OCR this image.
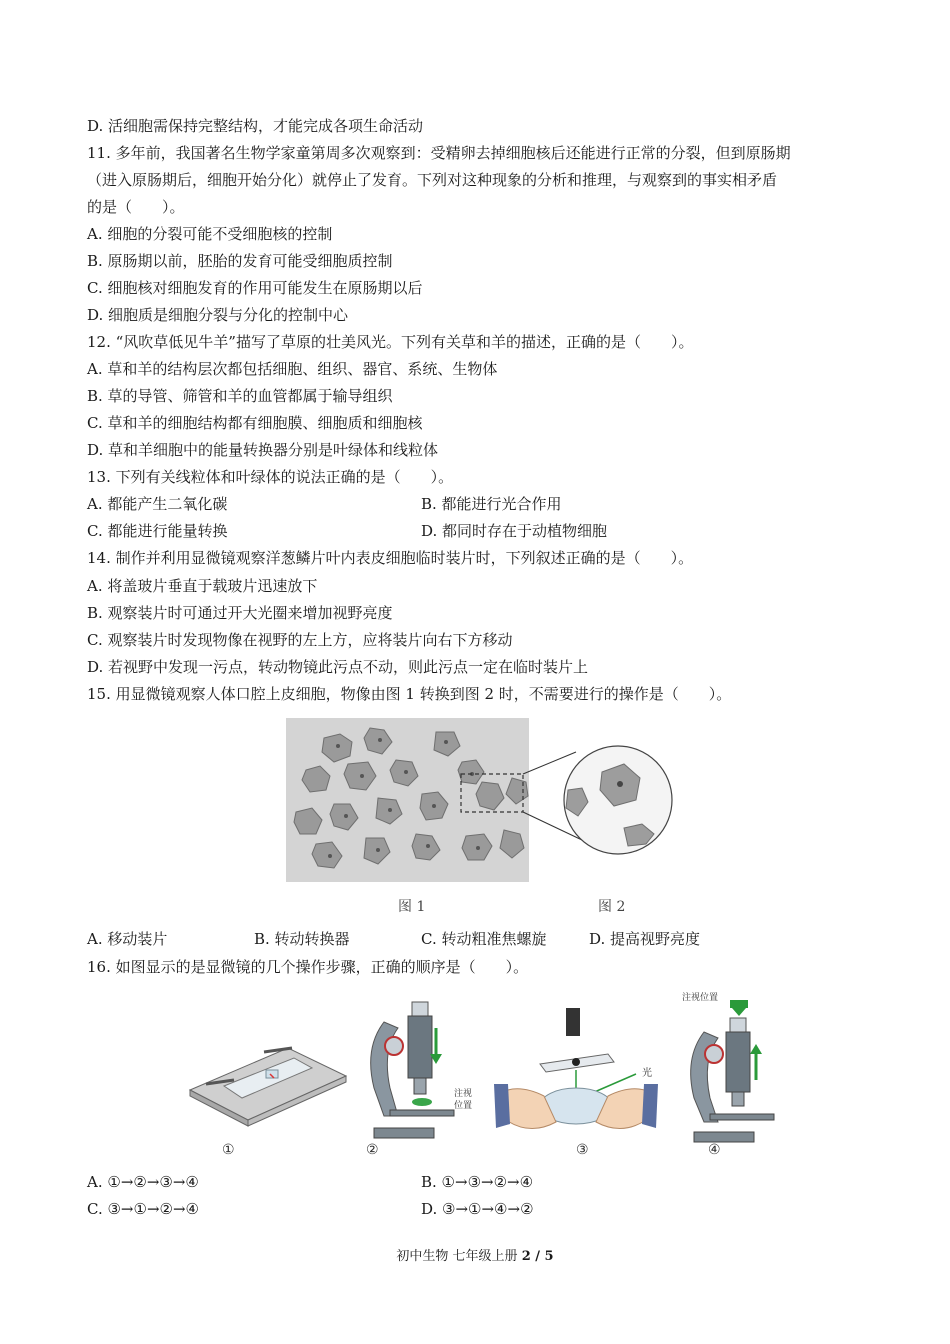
D. 活细胞需保持完整结构，才能完成各项生命活动
11. 多年前，我国著名生物学家童第周多次观察到：受精卵去掉细胞核后还能进行正常的分裂，但到原肠期
（进入原肠期后，细胞开始分化）就停止了发育。下列对这种现象的分析和推理，与观察到的事实相矛盾
的是（　　）。
A. 细胞的分裂可能不受细胞核的控制
B. 原肠期以前，胚胎的发育可能受细胞质控制
C. 细胞核对细胞发育的作用可能发生在原肠期以后
D. 细胞质是细胞分裂与分化的控制中心
12. “风吹草低见牛羊”描写了草原的壮美风光。下列有关草和羊的描述，正确的是（　　）。
A. 草和羊的结构层次都包括细胞、组织、器官、系统、生物体
B. 草的导管、筛管和羊的血管都属于输导组织
C. 草和羊的细胞结构都有细胞膜、细胞质和细胞核
D. 草和羊细胞中的能量转换器分别是叶绿体和线粒体
13. 下列有关线粒体和叶绿体的说法正确的是（　　）。
A. 都能产生二氧化碳	B. 都能进行光合作用
C. 都能进行能量转换	D. 都同时存在于动植物细胞
14. 制作并利用显微镜观察洋葱鳞片叶内表皮细胞临时装片时，下列叙述正确的是（　　）。
A. 将盖玻片垂直于载玻片迅速放下
B. 观察装片时可通过开大光圈来增加视野亮度
C. 观察装片时发现物像在视野的左上方，应将装片向右下方移动
D. 若视野中发现一污点，转动物镜此污点不动，则此污点一定在临时装片上
15. 用显微镜观察人体口腔上皮细胞，物像由图 1 转换到图 2 时，不需要进行的操作是（　　）。
图 1	图 2
A. 移动装片	B. 转动转换器	C. 转动粗准焦螺旋	D. 提高视野亮度
16. 如图显示的是显微镜的几个操作步骤，正确的顺序是（　　）。
注视
位置
光
注视位置
①	②	③	④
A. ①→②→③→④	B. ①→③→②→④
C. ③→①→②→④	D. ③→①→④→②
初中生物 七年级上册 2 / 5
